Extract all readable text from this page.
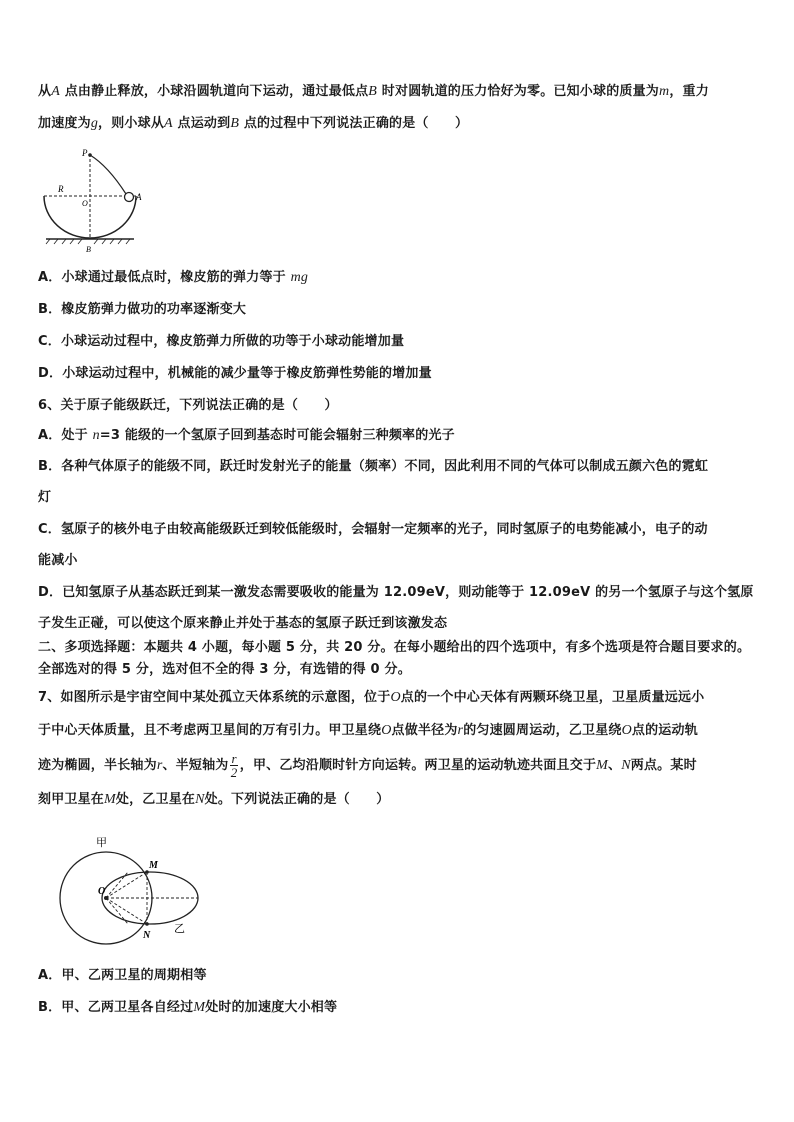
从A 点由静止释放，小球沿圆轨道向下运动，通过最低点B 时对圆轨道的压力恰好为零。已知小球的质量为m，重力
加速度为g，则小球从A 点运动到B 点的过程中下列说法正确的是（　　）
P
R
O
A
B
A．小球通过最低点时，橡皮筋的弹力等于 mg
B．橡皮筋弹力做功的功率逐渐变大
C．小球运动过程中，橡皮筋弹力所做的功等于小球动能增加量
D．小球运动过程中，机械能的减少量等于橡皮筋弹性势能的增加量
6、关于原子能级跃迁，下列说法正确的是（　　）
A．处于 n=3 能级的一个氢原子回到基态时可能会辐射三种频率的光子
B．各种气体原子的能级不同，跃迁时发射光子的能量（频率）不同，因此利用不同的气体可以制成五颜六色的霓虹
灯
C．氢原子的核外电子由较高能级跃迁到较低能级时，会辐射一定频率的光子，同时氢原子的电势能减小，电子的动
能减小
D．已知氢原子从基态跃迁到某一激发态需要吸收的能量为 12.09eV，则动能等于 12.09eV 的另一个氢原子与这个氢原
子发生正碰，可以使这个原来静止并处于基态的氢原子跃迁到该激发态
二、多项选择题：本题共 4 小题，每小题 5 分，共 20 分。在每小题给出的四个选项中，有多个选项是符合题目要求的。
全部选对的得 5 分，选对但不全的得 3 分，有选错的得 0 分。
7、如图所示是宇宙空间中某处孤立天体系统的示意图，位于O点的一个中心天体有两颗环绕卫星，卫星质量远远小
于中心天体质量，且不考虑两卫星间的万有引力。甲卫星绕O点做半径为r的匀速圆周运动，乙卫星绕O点的运动轨
迹为椭圆，半长轴为r、半短轴为 $\frac{r}{2}$ ，甲、乙均沿顺时针方向运转。两卫星的运动轨迹共面且交于M、N两点。某时
刻甲卫星在M处，乙卫星在N处。下列说法正确的是（　　）
甲
乙
M
N
O
A．甲、乙两卫星的周期相等
B．甲、乙两卫星各自经过M处时的加速度大小相等
